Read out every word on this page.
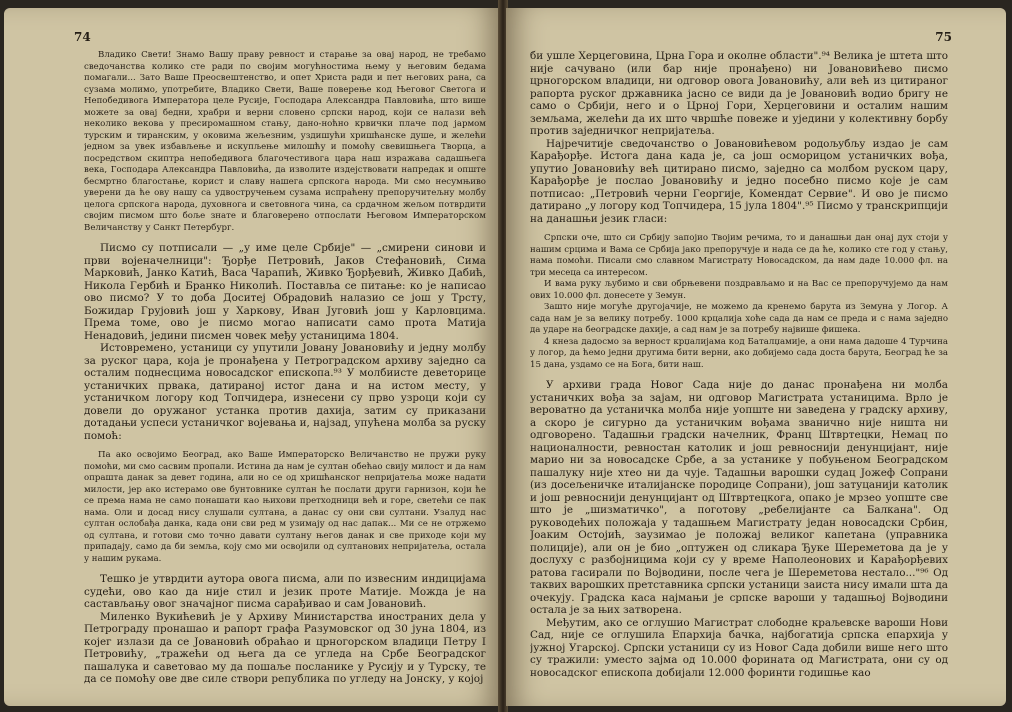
74

Владико Свети! Знамо Вашу праву ревност и старање за овај народ, не требамо сведочанства колико сте ради по својим могућностима њему у његовим бедама помагали... Зато Ваше Преосвештенство, и опет Христа ради и пет његових рана, са сузама молимо, употребите, Владико Свети, Ваше поверење код Његовог Светога и Непобедивога Императора целе Русије, Господара Александра Павловића, што више можете за овај бедни, храбри и верни словено српски народ, који се налази већ неколико векова у пресиромашном стању, дано-ноћно крвички плаче под јармом турским и тиранским, у оковима жељезним, уздишући хришћанске душе, и желећи једном за увек избављење и искупљење милошћу и помоћу свевишњега Творца, а посредством скиптра непобедивога благочестивога цара наш изражава садашњега века, Господара Александра Павловића, да изволите издејствовати напредак и опште бесмртно благостање, корист и славу нашега српскога народа. Ми смо несумњиво уверени да ће ову нашу са удвостручењем сузама испраћену препоручитељну молбу целога српскога народа, духовнога и световнога чина, са срдачном жељом потврдити својим писмом што боље знате и благоверено отпослати Његовом Императорском Величанству у Санкт Петербург.

Писмо су потписали — „у име целе Србије" — „смирени синови и први војеначелници": Ђорђе Петровић, Јаков Стефановић, Сима Марковић, Јанко Катић, Васа Чарапић, Живко Ђорђевић, Живко Дабић, Никола Гербић и Бранко Николић. Поставља се питање: ко је написао ово писмо? У то доба Доситеј Обрадовић налазио се још у Трсту, Божидар Грујовић још у Харкову, Иван Југовић још у Карловцима. Према томе, ово је писмо могао написати само прота Матија Ненадовић, једини писмен човек међу устаницима 1804.

Истовремено, устаници су упутили Јовану Јовановићу и једну молбу за руског цара, која је пронађена у Петроградском архиву заједно са осталим поднесцима новосадског епископа.⁹³ У молбиисте деветорице устаничких првака, датираној истог дана и на истом месту, у устаничком логору код Топчидера, изнесени су прво узроци који су довели до оружаног устанка против дахија, затим су приказани дотадањи успеси устаничког војевања и, најзад, упућена молба за руску помоћ:

Па ако освојимо Београд, ако Ваше Императорско Величанство не пружи руку помоћи, ми смо сасвим пропали. Истина да нам је султан обећао свију милост и да нам опрашта данак за девет година, али но се од хришћанског непријатеља може надати милости, јер ако истерамо ове бунтовнике султан ће послати други гарнизон, који ће се према нама не само понашати као њихови претходници већ и горе, светећи се пак нама. Оли и досад нису слушали султана, а данас су они сви султани. Узалуд нас султан ослобађа данка, када они сви ред м узимају од нас дапак... Ми се не отржемо од султана, и готови смо точно давати султану његов данак и све приходе који му припадају, само да би земља, коју смо ми освојили од султанових непријатеља, остала у нашим рукама.

Тешко је утврдити аутора овога писма, али по извесним индицијама судећи, ово као да није стил и језик проте Матије. Можда је на састављању овог значајног писма сарађивао и сам Јовановић.

Миленко Вукићевић је у Архиву Министарства иностраних дела у Петрограду пронашао и рапорт графа Разумовског од 30 јуна 1804, из којег излази да се Јовановић обраћао и црногорском владици Петру I Петровићу, „тражећи од њега да се угледа на Србе Београдског пашалука и саветовао му да пошаље посланике у Русију и у Турску, те да се помоћу ове две силе створи република по угледу на Јонску, у којој

75

би ушле Херцеговина, Црна Гора и околне области".⁹⁴ Велика је штета што није сачувано (или бар није пронађено) ни Јовановићево писмо црногорском владици, ни одговор овога Јовановићу, али већ из цитираног рапорта руског државника јасно се види да је Јовановић водио бригу не само о Србији, него и о Црној Гори, Херцеговини и осталим нашим земљама, желећи да их што чвршће повеже и уједини у колективну борбу против заједничког непријатеља.

Најречитије сведочанство о Јовановићевом родољубљу издао је сам Карађорђе. Истога дана када је, са још осморицом устаничких вођа, упутио Јовановићу већ цитирано писмо, заједно са молбом руском цару, Карађорђе је послао Јовановићу и једно посебно писмо које је сам потписао: „Петровић черни Георгије, Комендат Сервие". И ово је писмо датирано „у логору код Топчидера, 15 јула 1804".⁹⁵ Писмо у транскрипцији на данашњи језик гласи:

Српски оче, што си Србију запојио Твојим речима, то и данашњи дан онај дух стоји у нашим срцима и Вама се Србија јако препоручује и нада се да ће, колико сте год у стању, нама помоћи. Писали смо славном Магистрату Новосадском, да нам даде 10.000 фл. на три месеца са интересом.

И вама руку љубимо и сви обрњевени поздрављамо и на Вас се препоручујемо да нам ових 10.000 фл. донесете у Земун.

Зашто није могуће другојачије, не можемо да кренемо барута из Земуна у Логор. А сада нам је за велику потребу. 1000 крцалија хоће сада да нам се преда и с нама заједно да ударе на београдске дахије, а сад нам је за потребу највише фишека.

4 кнеза дадосмо за верност крџалијама код Баталџамије, а они нама дадоше 4 Турчина у логор, да ћемо једни другима бити верни, ако добијемо сада доста барута, Београд ће за 15 дана, уздамо се на Бога, бити наш.

У архиви града Новог Сада није до данас пронађена ни молба устаничких вођа за зајам, ни одговор Магистрата устаницима. Врло је вероватно да устаничка молба није уопште ни заведена у градску архиву, а скоро је сигурно да устаничким вођама званично није ништа ни одговорено. Тадашњи градски начелник, Франц Штвртецки, Немац по националности, ревностан католик и још ревноснији денунцијант, није марио ни за новосадске Србе, а за устанике у побуњеном Београдском пашалуку није хтео ни да чује. Тадашњи варошки судац Јожеф Сопрани (из досељеничке италијанске породице Сопрани), још затуцанији католик и још ревноснији денунцијант од Штвртецкога, опако је мрзео уопште све што је „шизматичко", а поготову „ребелијанте са Балкана". Од руководећих положаја у тадашњем Магистрату један новосадски Србин, Јоаким Остојић, заузимао је положај великог капетана (управника полиције), али он је био „оптужен од сликара Ђуке Шереметова да је у дослуху с разбојницима који су у време Наполеонових и Карађорђевих ратова гасирали по Војводини, после чега је Шереметова нестало..."⁹⁶ Од таквих варошких претставника српски устаници заиста нису имали шта да очекују. Градска каса најмањи је српске вароши у тадашњој Војводини остала је за њих затворена.

Међутим, ако се оглушио Магистрат слободне краљевске вароши Нови Сад, није се оглушила Епархија бачка, најбогатија српска епархија у јужној Угарској. Српски устаници су из Новог Сада добили више него што су тражили: уместо зајма од 10.000 форината од Магистрата, они су од новосадског епископа добијали 12.000 форинти годишње као
